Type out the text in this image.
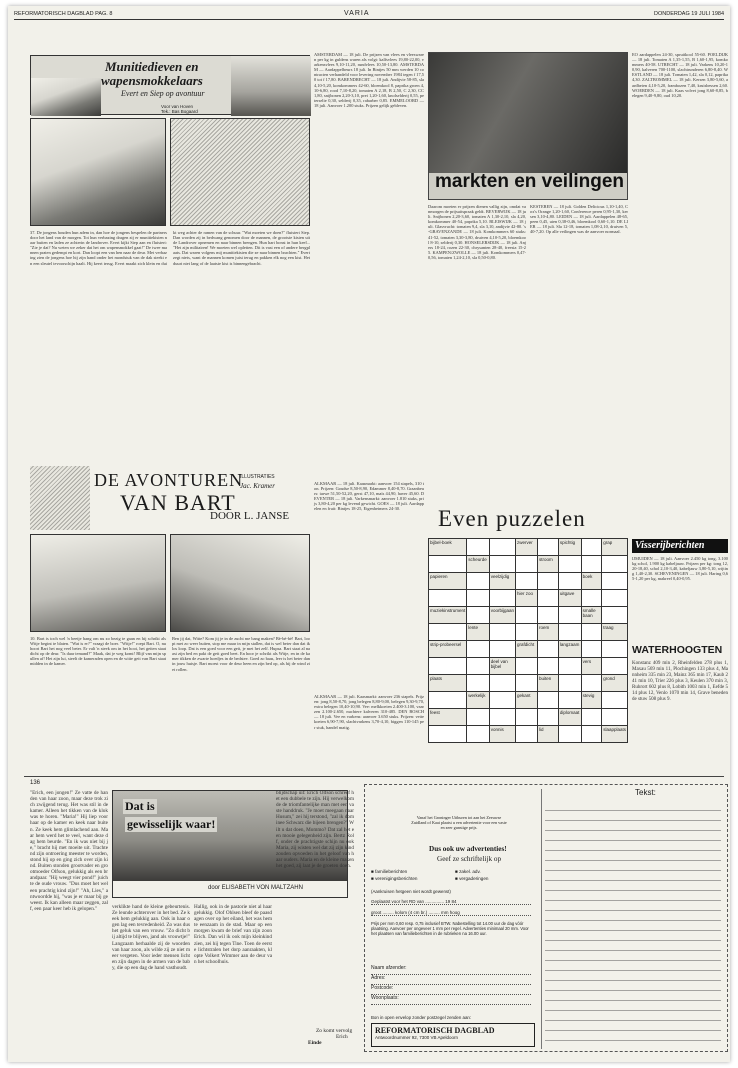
REFORMATORISCH DAGBLAD PAG. 8	VARIA	DONDERDAG 19 JULI 1984
Munitiedieven en
wapensmokkelaars
Evert en Siep op avontuur
Voor van Hoven
Tek.: Bas Bogaard
37. De jongens houden hun adem in, dan hoe de jongens bespelen de partners door het land van de morgen. Tot hun verbazing dragen zij er munitiekisten naar buiten en laden ze achterin de landrover. Evert kijkt Siep aan en fluistert: "Zie je dat? Nu weten we zeker dat het om wapensmokkel gaat!" De twee mannen praten gedempt en kort. Dan loopt een van hen naar de deur. Met verbazing zien de jongens hoe hij zijn hand onder het mondstuk van de dak steekt en een sleutel tevoorschijn haalt. Hij keert terug. Evert maakt zich klein en duikt weg achter de ramen van de schuur. "Wat moeten we doen?" fluistert Siep. Dan worden zij in bedwang genomen door de mannen, de grootste kisten uit de Landrover opnemen en naar binnen brengen. Hun hart bonst in hun keel... "Het zijn militairen! We moeten wel opletten. Dit is vast een of andere bergplaats. Dat waren volgens mij munitiekisten die ze naar binnen brachten." Evert zegt niets, want de mannen komen juist terug en pakken elk nog een kist. Het duurt niet lang of de laatste kist is binnengebracht.
AMSTERDAM — 18 juli. De prijzen van vlees en vleeswaren per kg in guldens waren als volgt: kalfsvlees 19,80-22,00, varkensvlees 9,10-11,20, rundvlees 10,50-13,80. AMSTERDAM — Aardappelbeurs 18 juli. In Bintjes 50 mm werden 10 contracten verhandeld voor levering november 1984 tegen f 17,50 tot f 17,80. BARENDRECHT — 18 juli. Andijvie 58-85, sla 4,10-5,20, komkommers 42-60, bloemkool 8, paprika groen 4,10-6,80, rood 7,10-8,20, tomaten A 2,18, B 2,50, C 2,30, CC 1,80, snijbonen 2,20-3,10, prei 1,20-1,60, knolselderij 0,55, peterselie 0,30, selderij 0,35, rabarber 0,85. EMMELOORD — 18 juli. Aanvoer 1.200 stuks. Prijzen gelijk gebleven.
markten en veilingen
Daarom moeten er prijzen dienen vallig zijn, omdat vanmorgen de prijsuitspraak geldt. BEVERWIJK — 18 juli. Snijbonen 2,20-3,60, tomaten A 1,30-2,10, sla 4,20, komkommer 40-54, paprika 5,10. BLEISWIJK — 18 juli. Glasvrucht: tomaten 9,4, sla 3,10, andijvie 42-80. 's-GRAVENZANDE — 18 juli. Komkommers 60 stuks: 41-52, tomaten 3,30-3,80, druiven 4,10-5,20, bloemkool 8-10, selderij 0,30. HONSELERSDIJK — 18 juli. Anjers 18-24, rozen 22-30, chrysanten 28-40, freesia 15-25. KAMPEN/ZWOLLE — 18 juli. Komkommers 0,47-0,56, tomaten 1,24-2,10, sla 0,50-0,80.
KESTEREN — 18 juli. Golden Delicious 1,10-1,40, Cox's Orange 1,20-1,60, Conference peren 0,95-1,30, kersen 3,10-4,80. LEIDEN — 18 juli. Aardappelen 48-65, peen 0,45, uien 0,38-0,46, bloemkool 0,60-1,10. DE LIER — 18 juli. Sla 12-18, tomaten 1,08-2,10, druiven 5,40-7,20. Op alle veilingen was de aanvoer normaal.
EO aardappelen 24-30, spruitkool 55-60. POELDIJK — 18 juli. Tomaten A 1,35-1,55, B 1,60-1,95, komkommers 40-58. UTRECHT — 18 juli. Varkens 10,20-10,90, kalveren 700-1100, slachtrunderen 6,80-8,40. WESTLAND — 18 juli. Tomaten 1,42, sla 0,12, paprika 4,30. ZALTBOMMEL — 18 juli. Kersen 3,80-5,60, aardbeien 4,10-5,20, frambozen 7,40, kruisbessen 2,60. WOERDEN — 18 juli. Kaas volvet jong 8,60-8,85, belegen 9,40-9,80, oud 10,20.
Visserijberichten
IJMUIDEN — 18 juli. Aanvoer 2.450 kg tong, 3.100 kg schol, 1.900 kg kabeljauw. Prijzen per kg: tong 12,20-18,40, schol 2,10-3,40, kabeljauw 3,80-5,10, wijting 1,40-2,30. SCHEVENINGEN — 18 juli. Haring 0,65-1,20 per kg, makreel 0,40-0,95.
WATERHOOGTEN
Konstanz 409 min 2, Rheinfelden 278 plus 1, Maxau 569 min 11, Plochingen 133 plus 4, Mannheim 335 min 23, Mainz 365 min 17, Kaub 241 min 10, Trier 226 plus 3, Keulen 370 min 3, Ruhrort 602 plus 8, Lobith 1003 min 1, Eefde 514 plus 12, Venlo 1070 min 14, Grave beneden de stuw 508 plus 9.
DE AVONTUREN
VAN BART
ILLUSTRATIES
Jac. Kramer
DOOR L. JANSE
10. Bart is toch wel 'n beetje bang om nu zo bezig te gaan en hij schrikt als Witje begint te blaten. "Wat is er?" vraagt de boer. "Witje!" roept Bart. O, nu hoort Bart het nog veel beter. Er valt 'n steek om in het hooi, het geiten staat dicht op de deur. "Is daar iemand?" Maak, dat je weg komt! Blijf van mijn spullen af! Het zijn lui, steelt de kameraden open en de witte geit van Bart staat midden in de kamer.
Ben jij dat, Witte? Kom jij je in de zucht me bang maken? Bè-bè-bè! Bart, loopt met zo weer buiten, stop me maar in mijn stallen, dat is wel beter dan dat ik los loop. Dat is een goed voor een geit, je met het zelf. Hupsa. Bart staat al naast zijn bed en pakt de geit goed beet. En hoor je schrikt als Witje, en in de kamer tikken de zwarte hoedjes in de bedstee. Goed zo baas, leer is het beter dan in jouw huisje. Bart moest voor de deur heen en zijn bed op, als hij de wind ziet rollen.
ALKMAAR — 18 juli. Kaasmarkt: aanvoer 154 stapels, 310 ton. Prijzen: Goudse 8,50-8,90, Edammer 8,40-8,70. Graanbeurs: tarwe 51,50-52,20, gerst 47,10, maïs 44,90, haver 45,60. DEVENTER — 18 juli. Varkensmarkt: aanvoer 1.810 stuks, prijs 3,80-4,20 per kg levend gewicht. GOES — 18 juli. Aardappelen en fruit: Bintjes 18-25, Eigenheimers 24-30.
ALKMAAR — 18 juli. Kaasmarkt: aanvoer 236 stapels. Prijzen: jong 8,50-8,70, jong belegen 8,80-9,00, belegen 9,30-9,70, extra belegen 10,40-10,90. Vee: melkkoeien 2.400-3.100, vaarzen 2.100-2.650, nuchtere kalveren 310-485. DEN BOSCH — 18 juli. Vee en varkens: aanvoer 3.650 stuks. Prijzen: vette koeien 6,90-7,90, slachtvarkens 3,70-4,10, biggen 110-145 per stuk, handel matig.
Even puzzelen
bijbel-boek			zwerver		spichtig		grap
	scheurde			stroom			
papieren		veelzijdig				boek	
			hier zoo		uitgave		
muziekinstrument		voorbijgaan				smalle baan	
	lente			roem			traag
strip-probeersel			grafdicht		langzaam		
		deel van bijbel				vers	
plaats				buiten			grond
	werkelijk		gekant			stevig	
feest					diplomaat		
		vonnis		lid			slaapplaats
136
"Erich, een jongen!" Ze vatte de handen van haar zoon, maar deze trok zich zwijgend terug. Het was stil in de kamer. Alleen het tikken van de klok was te horen. "Maria!" Hij liep voor haar op de kamer en keek naar buiten. Ze keek hem glimlachend aan. Maar hem werd het te veel, want deze dag hem beurde. "En ik was niet bij je," bracht hij met moeite uit. Trachtend zijn ontroering meester te worden, stond hij op en ging zich over zijn kind. Buiten stonden grootvader en grootmoeder Olfson, gelukkig als een brandpaar. "Hij weegt vier pond!" juichte de oude vrouw. "Dus moet het wel een prachtig kind zijn!" "Ah, Lies," antwoordde hij, "was je er maar bij geweest. Ik kan alleen maar zeggen, zalf, een paar keer heb ik gelopen."
Dat is
gewisselijk waar!
door ELISABETH VON MALTZAHN
verklikte hand de kleine gebeurtenis. Ze leunde achterover in het bed. Ze keek hem gelukkig aan. Ook in haar ogen lag een tevredenheid. Zo was dus het geluk van een vrouw. "Zo dicht bij altijd te blijven, jand als vrouwtje!" Langzaam herhaalde zij de woorden van haar zoon, als wilde zij ze niet meer vergeten. Voor ieder mensen lichten zijn dagen in de armen van de baby, die op een dag de hand vasthoudt.
Hallig, ook in de pastorie niet al haar gelukkig. Olof Ohlsen bleef de paasdagen over op het eiland, het was hem te eenzaam in de stad. Maar op een morgen kwam de brief van zijn zoon Erich. Dan wil ik ook mijn kleinkind zien, zei hij tegen Tine. Toen de eerste lichtstralen het dorp aanraakten, klopte Volkert Wimmer aan de deur van het schoolhuis.
blijdschap uit: Erich Olfson schreef het een dubbele te zijn. Hij verwelkomde de triomfantelijke man met een vaste handdruk. "Je moet meegaan naar Husum," zei hij terstond, "zal ik dominee Schwarz die bijeen brengen?" Wilt u dat doen, Mommo? Dat zal het een mooie gelegenheid zijn. Bertz Rolf, onder de prachtigste schijn nu ook Maria, zij wisten wel dat zij zijn kind zouden opvoeden in het geloof van haar ouders. Maria en de kleine maken het goed, zij laat je de groeten doen.
Zo komt vervolg
Erich
Einde
Tekst:
Vanaf het Groninger Uitburen tot aan het Zeeuwse Zuidland of Kaai plaatst u een advertentie voor een vaste en zeer gunstige prijs.
Dus ook uw advertenties!
Geef ze schriftelijk op
■ familieberichten	■ zakel. adv.
■ verenigingsberichten	■ vergaderingen
(Aankruisen hetgeen niet wordt gewenst)
Geplaatst voor het RD van ............... 19 84
groot ......... kolom (4 cm br.) ......... mm hoog
Prijs per mm 0,60 resp. 0,75 inclusief BTW. Nabestelling tot 14.00 uur de dag vóór plaatsing. Aanvoer per ongeveer 1 mm per regel. Advertenties minimaal 20 mm. Voor het plaatsen van familieberichten in de rubrieken na 16.00 uur.
Naam afzender:
Adres:
Postcode:
Woonplaats:
Bon in open envelop zonder postzegel zenden aan:
REFORMATORISCH DAGBLAD
Antwoordnummer 92, 7300 VB Apeldoorn
